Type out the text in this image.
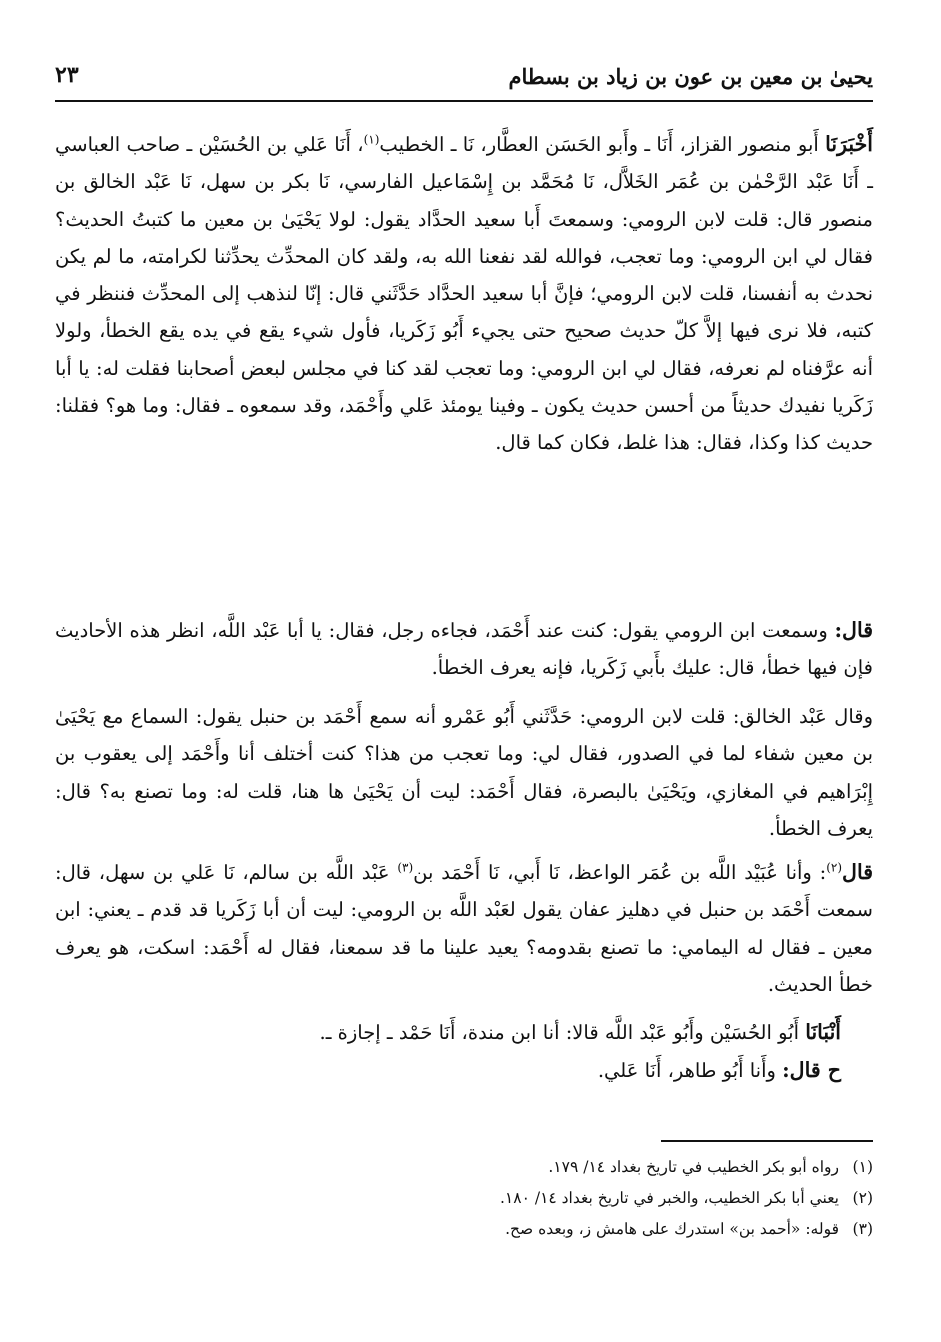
يحيىٰ بن معين بن عون بن زياد بن بسطام
٢٣

أَخْبَرَنَا أَبو منصور القزاز، أَنَا ـ وأَبو الحَسَن العطَّار، نَا ـ الخطيب$^{(١)}$، أَنَا عَلي بن الحُسَيْن ـ صاحب العباسي ـ أَنَا عَبْد الرَّحْمٰن بن عُمَر الخَلاَّل، نَا مُحَمَّد بن إِسْمَاعيل الفارسي، نَا بكر بن سهل، نَا عَبْد الخالق بن منصور قال: قلت لابن الرومي: وسمعتَ أَبا سعيد الحدَّاد يقول: لولا يَحْيَىٰ بن معين ما كتبتُ الحديث؟ فقال لي ابن الرومي: وما تعجب، فوالله لقد نفعنا الله به، ولقد كان المحدِّث يحدِّثنا لكرامته، ما لم يكن نحدث به أنفسنا، قلت لابن الرومي؛ فإنَّ أبا سعيد الحدَّاد حَدَّثَني قال: إنّا لنذهب إلى المحدِّث فننظر في كتبه، فلا نرى فيها إلاَّ كلّ حديث صحيح حتى يجيء أَبُو زَكَريا، فأول شيء يقع في يده يقع الخطأ، ولولا أنه عرَّفناه لم نعرفه، فقال لي ابن الرومي: وما تعجب لقد كنا في مجلس لبعض أصحابنا فقلت له: يا أبا زَكَريا نفيدك حديثاً من أحسن حديث يكون ـ وفينا يومئذ عَلي وأَحْمَد، وقد سمعوه ـ فقال: وما هو؟ فقلنا: حديث كذا وكذا، فقال: هذا غلط، فكان كما قال.

قال: وسمعت ابن الرومي يقول: كنت عند أَحْمَد، فجاءه رجل، فقال: يا أبا عَبْد اللَّه، انظر هذه الأحاديث فإن فيها خطأ، قال: عليك بأَبي زَكَريا، فإنه يعرف الخطأ.

وقال عَبْد الخالق: قلت لابن الرومي: حَدَّثَني أَبُو عَمْرو أنه سمع أَحْمَد بن حنبل يقول: السماع مع يَحْيَىٰ بن معين شفاء لما في الصدور، فقال لي: وما تعجب من هذا؟ كنت أختلف أنا وأَحْمَد إلى يعقوب بن إِبْرَاهيم في المغازي، ويَحْيَىٰ بالبصرة، فقال أَحْمَد: ليت أن يَحْيَىٰ ها هنا، قلت له: وما تصنع به؟ قال: يعرف الخطأ.

قال$^{(٢)}$: وأنا عُبَيْد اللَّه بن عُمَر الواعظ، نَا أَبي، نَا أَحْمَد بن$^{(٣)}$ عَبْد اللَّه بن سالم، نَا عَلي بن سهل، قال: سمعت أَحْمَد بن حنبل في دهليز عفان يقول لعَبْد اللَّه بن الرومي: ليت أن أبا زَكَريا قد قدم ـ يعني: ابن معين ـ فقال له اليمامي: ما تصنع بقدومه؟ يعيد علينا ما قد سمعنا، فقال له أَحْمَد: اسكت، هو يعرف خطأ الحديث.

أَنْبَانَا أَبُو الحُسَيْن وأَبُو عَبْد اللَّه قالا: أنا ابن مندة، أَنَا حَمْد ـ إجازة ـ.

ح قال: وأَنا أَبُو طاهر، أَنَا عَلي.

(١)رواه أبو بكر الخطيب في تاريخ بغداد ١٤/ ١٧٩.

(٢)يعني أبا بكر الخطيب، والخبر في تاريخ بغداد ١٤/ ١٨٠.

(٣)قوله: «أحمد بن» استدرك على هامش ز، وبعده صح.
